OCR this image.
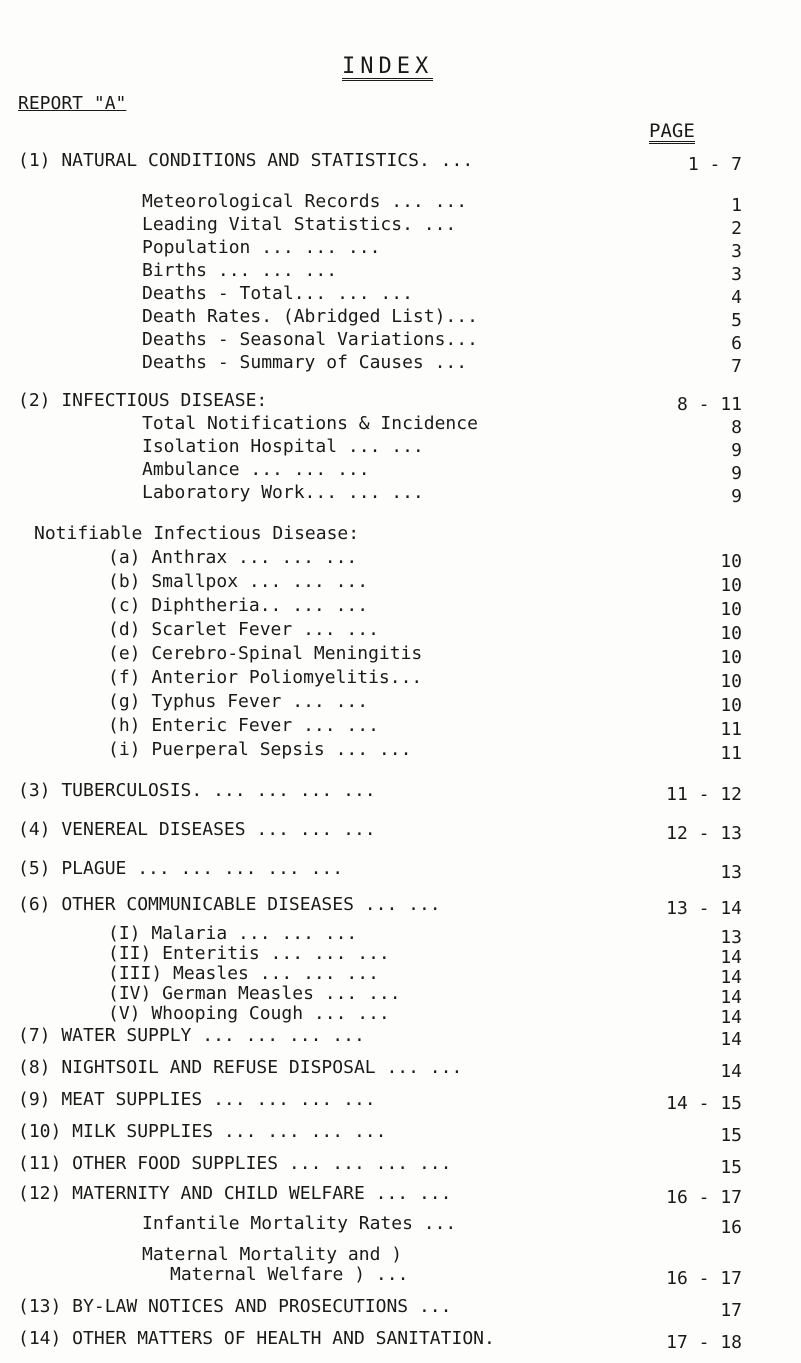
INDEX
REPORT "A"
PAGE
(1) NATURAL CONDITIONS AND STATISTICS. ...	1 - 7
Meteorological Records ... ...	1
Leading Vital Statistics. ...	2
Population ... ... ...	3
Births ... ... ...	3
Deaths - Total... ... ...	4
Death Rates. (Abridged List)...	5
Deaths - Seasonal Variations...	6
Deaths - Summary of Causes ...	7
(2) INFECTIOUS DISEASE:	8 - 11
Total Notifications & Incidence	8
Isolation Hospital ... ...	9
Ambulance ... ... ...	9
Laboratory Work... ... ...	9
Notifiable Infectious Disease:
(a) Anthrax ... ... ...	10
(b) Smallpox ... ... ...	10
(c) Diphtheria.. ... ...	10
(d) Scarlet Fever ... ...	10
(e) Cerebro-Spinal Meningitis	10
(f) Anterior Poliomyelitis...	10
(g) Typhus Fever ... ...	10
(h) Enteric Fever ... ...	11
(i) Puerperal Sepsis ... ...	11
(3) TUBERCULOSIS. ... ... ... ...	11 - 12
(4) VENEREAL DISEASES ... ... ...	12 - 13
(5) PLAGUE ... ... ... ... ...	13
(6) OTHER COMMUNICABLE DISEASES ... ...	13 - 14
(I) Malaria ... ... ...	13
(II) Enteritis ... ... ...	14
(III) Measles ... ... ...	14
(IV) German Measles ... ...	14
(V) Whooping Cough ... ...	14
(7) WATER SUPPLY ... ... ... ...	14
(8) NIGHTSOIL AND REFUSE DISPOSAL ... ...	14
(9) MEAT SUPPLIES ... ... ... ...	14 - 15
(10) MILK SUPPLIES ... ... ... ...	15
(11) OTHER FOOD SUPPLIES ... ... ... ...	15
(12) MATERNITY AND CHILD WELFARE ... ...	16 - 17
Infantile Mortality Rates ...	16
Maternal Mortality and )
Maternal Welfare ) ...	16 - 17
(13) BY-LAW NOTICES AND PROSECUTIONS ...	17
(14) OTHER MATTERS OF HEALTH AND SANITATION.	17 - 18
